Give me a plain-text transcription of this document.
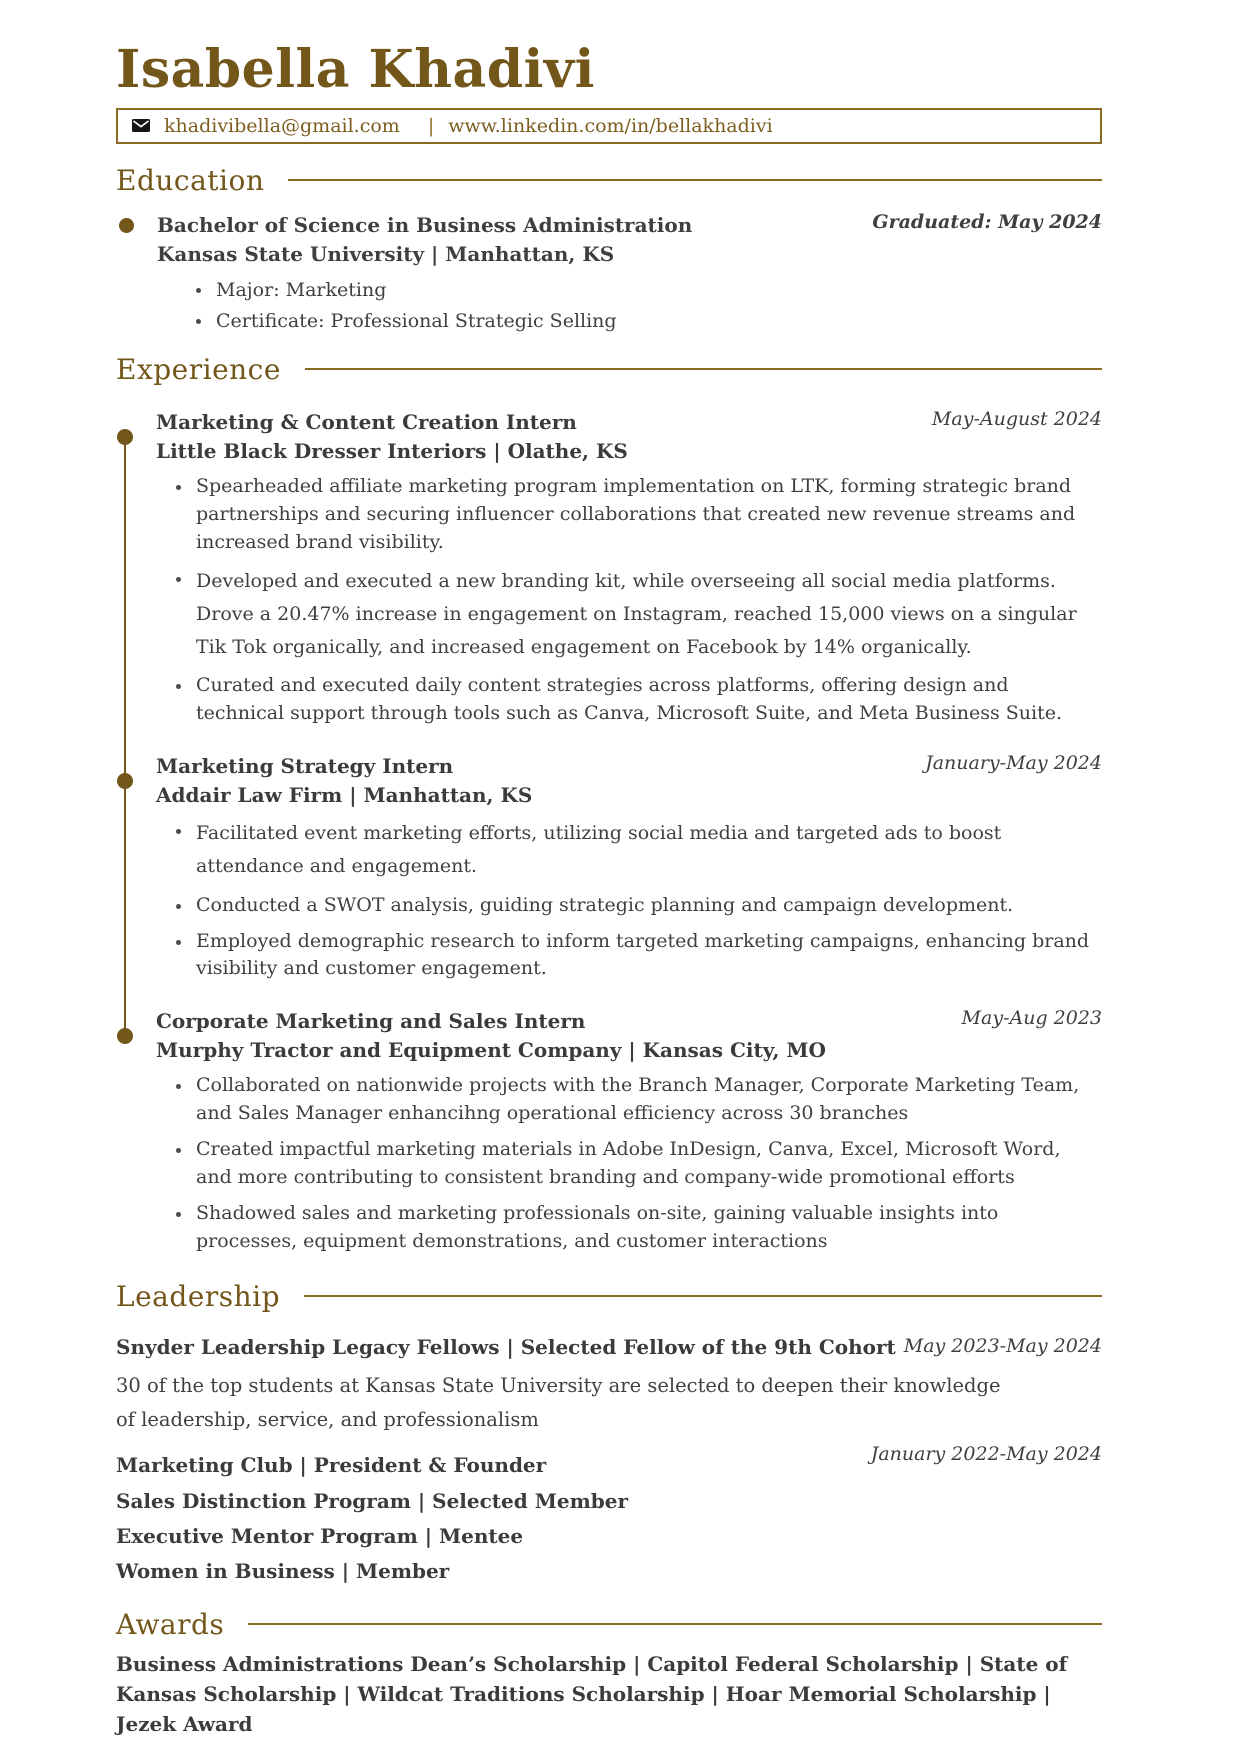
Isabella Khadivi
khadivibella@gmail.com | www.linkedin.com/in/bellakhadivi
Education
Bachelor of Science in Business Administration
Kansas State University | Manhattan, KS
Graduated: May 2024
Major: Marketing
Certificate: Professional Strategic Selling
Experience
Marketing & Content Creation Intern	May-August 2024
Little Black Dresser Interiors | Olathe, KS
Spearheaded affiliate marketing program implementation on LTK, forming strategic brand partnerships and securing influencer collaborations that created new revenue streams and increased brand visibility.
Developed and executed a new branding kit, while overseeing all social media platforms. Drove a 20.47% increase in engagement on Instagram, reached 15,000 views on a singular Tik Tok organically, and increased engagement on Facebook by 14% organically.
Curated and executed daily content strategies across platforms, offering design and technical support through tools such as Canva, Microsoft Suite, and Meta Business Suite.
Marketing Strategy Intern	January-May 2024
Addair Law Firm | Manhattan, KS
Facilitated event marketing efforts, utilizing social media and targeted ads to boost attendance and engagement.
Conducted a SWOT analysis, guiding strategic planning and campaign development.
Employed demographic research to inform targeted marketing campaigns, enhancing brand visibility and customer engagement.
Corporate Marketing and Sales Intern	May-Aug 2023
Murphy Tractor and Equipment Company | Kansas City, MO
Collaborated on nationwide projects with the Branch Manager, Corporate Marketing Team, and Sales Manager enhancihng operational efficiency across 30 branches
Created impactful marketing materials in Adobe InDesign, Canva, Excel, Microsoft Word, and more contributing to consistent branding and company-wide promotional efforts
Shadowed sales and marketing professionals on-site, gaining valuable insights into processes, equipment demonstrations, and customer interactions
Leadership
Snyder Leadership Legacy Fellows | Selected Fellow of the 9th Cohort May 2023-May 2024
30 of the top students at Kansas State University are selected to deepen their knowledge
of leadership, service, and professionalism
January 2022-May 2024
Marketing Club | President & Founder
Sales Distinction Program | Selected Member
Executive Mentor Program | Mentee
Women in Business | Member
Awards
Business Administrations Dean’s Scholarship | Capitol Federal Scholarship | State of Kansas Scholarship | Wildcat Traditions Scholarship | Hoar Memorial Scholarship | Jezek Award
